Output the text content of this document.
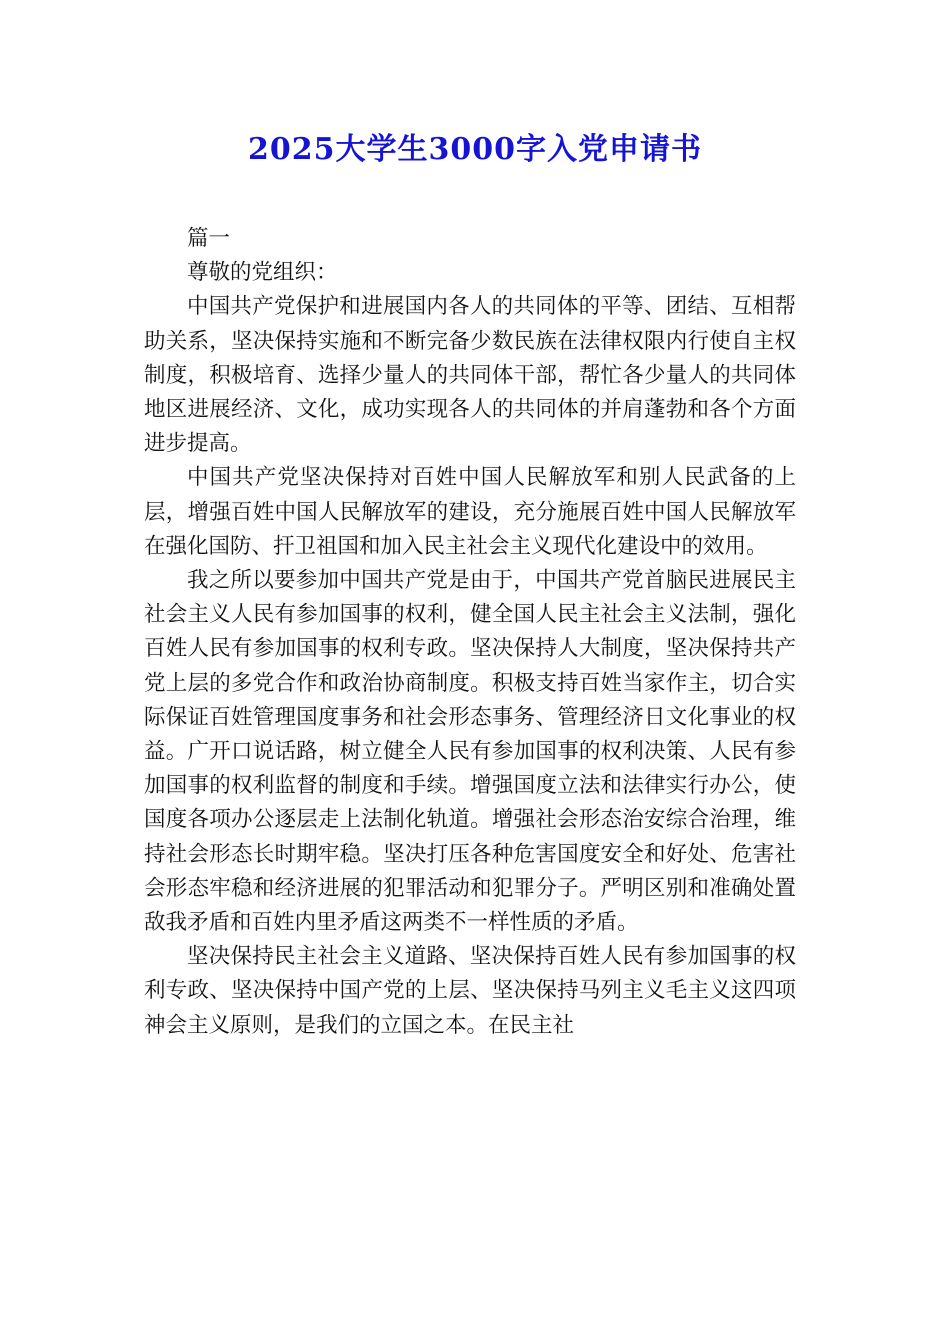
2025大学生3000字入党申请书

篇一

尊敬的党组织：

中国共产党保护和进展国内各人的共同体的平等、团结、互相帮助关系，坚决保持实施和不断完备少数民族在法律权限内行使自主权制度，积极培育、选择少量人的共同体干部，帮忙各少量人的共同体地区进展经济、文化，成功实现各人的共同体的并肩蓬勃和各个方面进步提高。

中国共产党坚决保持对百姓中国人民解放军和别人民武备的上层，增强百姓中国人民解放军的建设，充分施展百姓中国人民解放军在强化国防、扞卫祖国和加入民主社会主义现代化建设中的效用。

我之所以要参加中国共产党是由于，中国共产党首脑民进展民主社会主义人民有参加国事的权利，健全国人民主社会主义法制，强化百姓人民有参加国事的权利专政。坚决保持人大制度，坚决保持共产党上层的多党合作和政治协商制度。积极支持百姓当家作主，切合实际保证百姓管理国度事务和社会形态事务、管理经济日文化事业的权益。广开口说话路，树立健全人民有参加国事的权利决策、人民有参加国事的权利监督的制度和手续。增强国度立法和法律实行办公，使国度各项办公逐层走上法制化轨道。增强社会形态治安综合治理，维持社会形态长时期牢稳。坚决打压各种危害国度安全和好处、危害社会形态牢稳和经济进展的犯罪活动和犯罪分子。严明区别和准确处置敌我矛盾和百姓内里矛盾这两类不一样性质的矛盾。

坚决保持民主社会主义道路、坚决保持百姓人民有参加国事的权利专政、坚决保持中国产党的上层、坚决保持马列主义毛主义这四项神会主义原则，是我们的立国之本。在民主社
